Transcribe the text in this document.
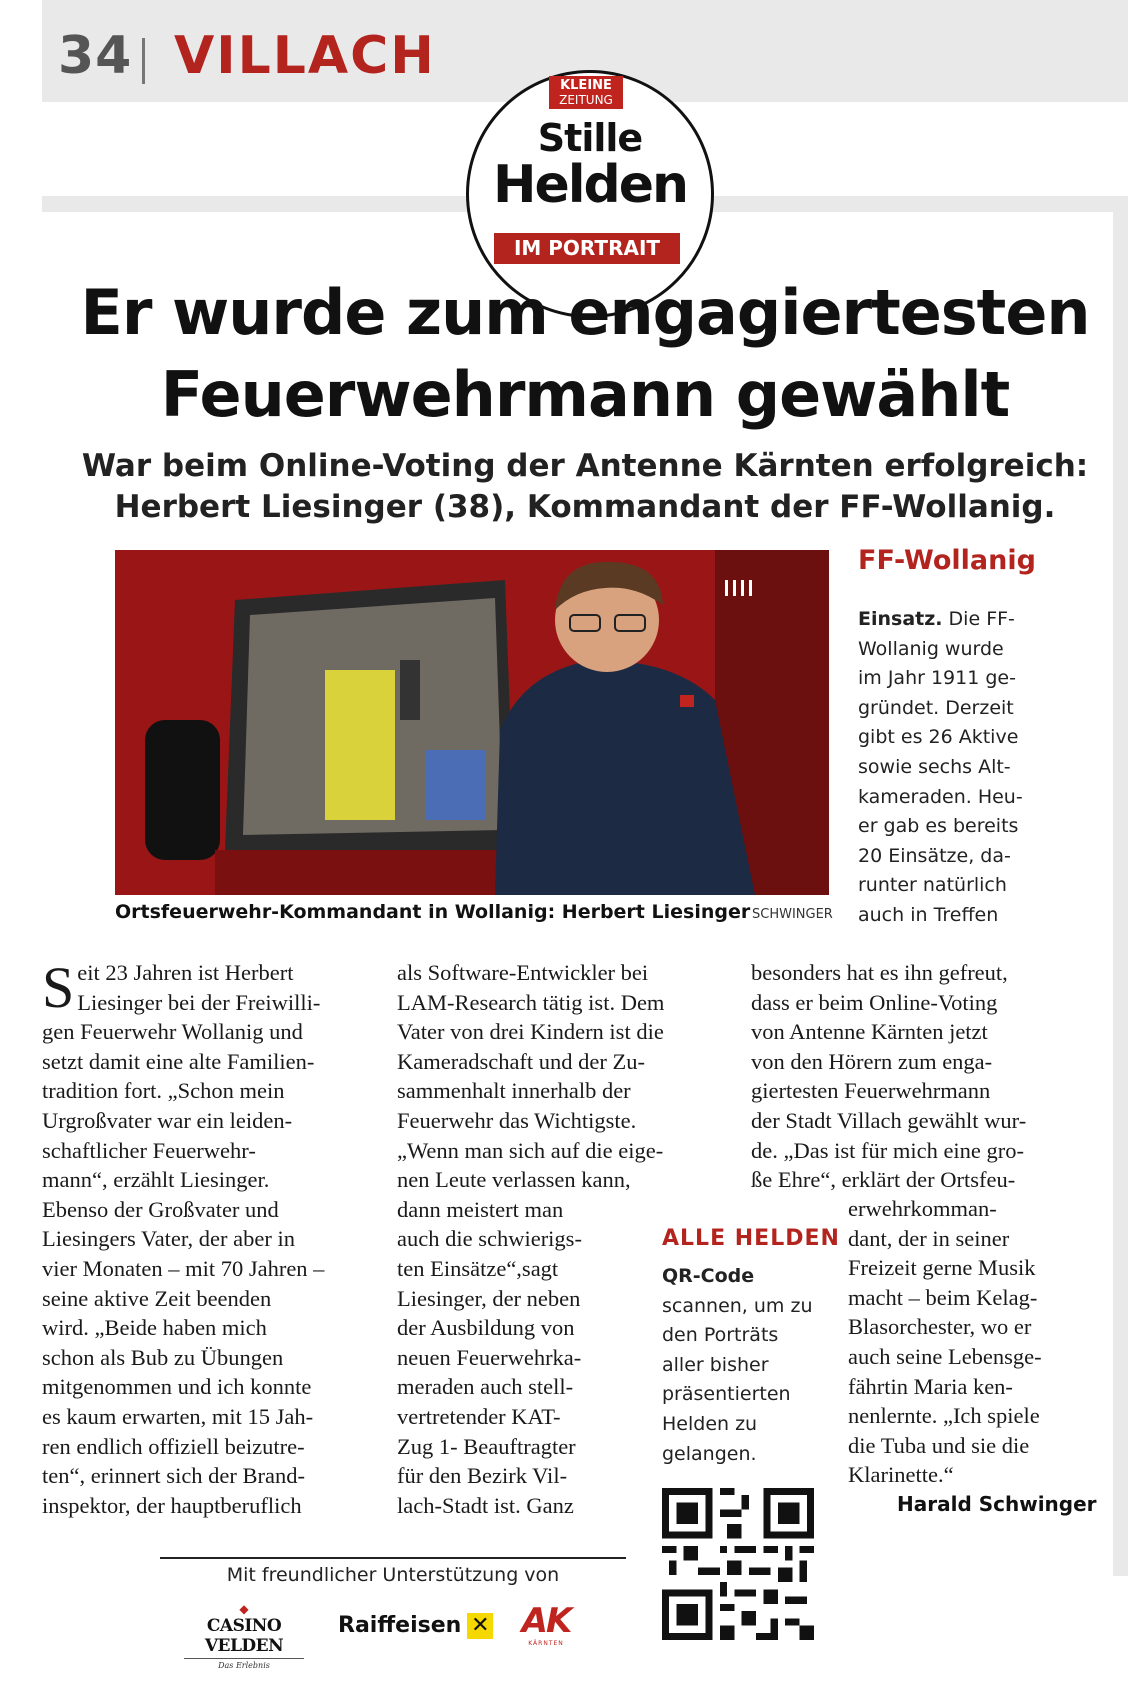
34 VILLACH	KLEINE
ZEITUNG
Stille
Helden
IM PORTRAIT
Er wurde zum engagiertesten
Feuerwehrmann gewählt
War beim Online-Voting der Antenne Kärnten erfolgreich:
Herbert Liesinger (38), Kommandant der FF-Wollanig.
Ortsfeuerwehr-Kommandant in Wollanig: Herbert Liesinger SCHWINGER
FF-Wollanig
Einsatz. Die FF-
Wollanig wurde
im Jahr 1911 ge-
gründet. Derzeit
gibt es 26 Aktive
sowie sechs Alt-
kameraden. Heu-
er gab es bereits
20 Einsätze, da-
runter natürlich
auch in Treffen
S eit 23 Jahren ist Herbert
Liesinger bei der Freiwilli-
gen Feuerwehr Wollanig und
setzt damit eine alte Familien-
tradition fort. „Schon mein
Urgroßvater war ein leiden-
schaftlicher Feuerwehr-
mann“, erzählt Liesinger.
Ebenso der Großvater und
Liesingers Vater, der aber in
vier Monaten – mit 70 Jahren –
seine aktive Zeit beenden
wird. „Beide haben mich
schon als Bub zu Übungen
mitgenommen und ich konnte
es kaum erwarten, mit 15 Jah-
ren endlich offiziell beizutre-
ten“, erinnert sich der Brand-
inspektor, der hauptberuflich
als Software-Entwickler bei
LAM-Research tätig ist. Dem
Vater von drei Kindern ist die
Kameradschaft und der Zu-
sammenhalt innerhalb der
Feuerwehr das Wichtigste.
„Wenn man sich auf die eige-
nen Leute verlassen kann,
dann meistert man
auch die schwierigs-
ten Einsätze“,sagt
Liesinger, der neben
der Ausbildung von
neuen Feuerwehrka-
meraden auch stell-
vertretender KAT-
Zug 1- Beauftragter
für den Bezirk Vil-
lach-Stadt ist. Ganz
besonders hat es ihn gefreut,
dass er beim Online-Voting
von Antenne Kärnten jetzt
von den Hörern zum enga-
giertesten Feuerwehrmann
der Stadt Villach gewählt wur-
de. „Das ist für mich eine gro-
ße Ehre“, erklärt der Ortsfeu-
erwehrkomman-
dant, der in seiner
Freizeit gerne Musik
macht – beim Kelag-
Blasorchester, wo er
auch seine Lebensge-
fährtin Maria ken-
nenlernte. „Ich spiele
die Tuba und sie die
Klarinette.“
Harald Schwinger
ALLE HELDEN
QR-Code
scannen, um zu
den Porträts
aller bisher
präsentierten
Helden zu
gelangen.
Mit freundlicher Unterstützung von
◆
CASINO VELDEN
Das Erlebnis
Raiffeisen ✕ AK
KÄRNTEN
